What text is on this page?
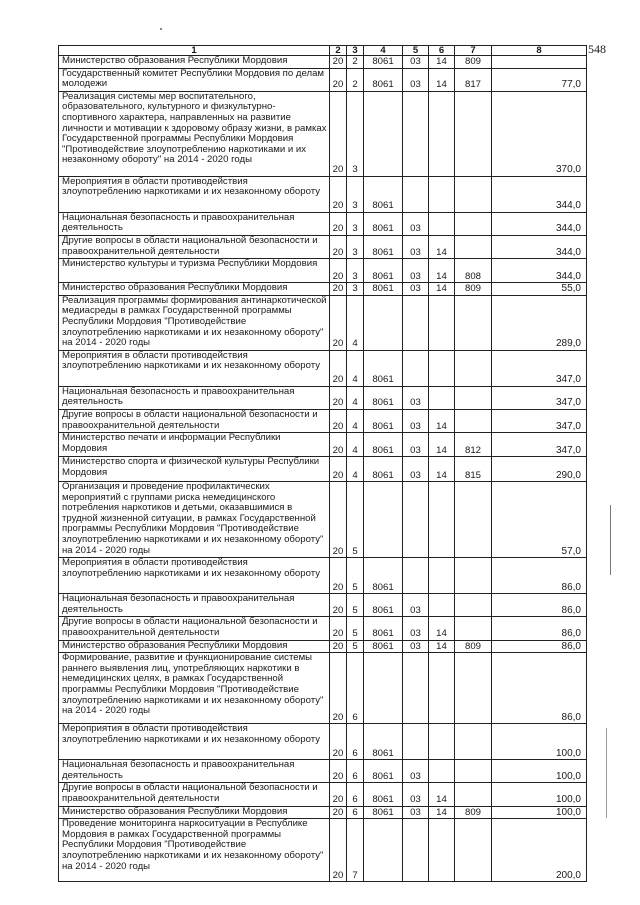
548
1	2	3	4	5	6	7	8
Министерство образования Республики Мордовия	20	2	8061	03	14	809	
Государственный комитет Республики Мордовия по делам молодежи	20	2	8061	03	14	817	77,0
Реализация системы мер воспитательного, образовательного, культурного и физкультурно-спортивного характера, направленных на развитие личности и мотивации к здоровому образу жизни, в рамках Государственной программы Республики Мордовия "Противодействие злоупотреблению наркотиками и их незаконному обороту" на 2014 - 2020 годы	20	3					370,0
Мероприятия в области противодействия злоупотреблению наркотиками и их незаконному обороту	20	3	8061				344,0
Национальная безопасность и правоохранительная деятельность	20	3	8061	03			344,0
Другие вопросы в области национальной безопасности и правоохранительной деятельности	20	3	8061	03	14		344,0
Министерство культуры и туризма Республики Мордовия	20	3	8061	03	14	808	344,0
Министерство образования Республики Мордовия	20	3	8061	03	14	809	55,0
Реализация программы формирования антинаркотической медиасреды в рамках Государственной программы Республики Мордовия "Противодействие злоупотреблению наркотиками и их незаконному обороту" на 2014 - 2020 годы	20	4					289,0
Мероприятия в области противодействия злоупотреблению наркотиками и их незаконному обороту	20	4	8061				347,0
Национальная безопасность и правоохранительная деятельность	20	4	8061	03			347,0
Другие вопросы в области национальной безопасности и правоохранительной деятельности	20	4	8061	03	14		347,0
Министерство печати и информации Республики Мордовия	20	4	8061	03	14	812	347,0
Министерство спорта и физической культуры Республики Мордовия	20	4	8061	03	14	815	290,0
Организация и проведение профилактических мероприятий с группами риска немедицинского потребления наркотиков и детьми, оказавшимися в трудной жизненной ситуации, в рамках Государственной программы Республики Мордовия "Противодействие злоупотреблению наркотиками и их незаконному обороту" на 2014 - 2020 годы	20	5					57,0
Мероприятия в области противодействия злоупотреблению наркотиками и их незаконному обороту	20	5	8061				86,0
Национальная безопасность и правоохранительная деятельность	20	5	8061	03			86,0
Другие вопросы в области национальной безопасности и правоохранительной деятельности	20	5	8061	03	14		86,0
Министерство образования Республики Мордовия	20	5	8061	03	14	809	86,0
Формирование, развитие и функционирование системы раннего выявления лиц, употребляющих наркотики в немедицинских целях, в рамках Государственной программы Республики Мордовия "Противодействие злоупотреблению наркотиками и их незаконному обороту" на 2014 - 2020 годы	20	6					86,0
Мероприятия в области противодействия злоупотреблению наркотиками и их незаконному обороту	20	6	8061				100,0
Национальная безопасность и правоохранительная деятельность	20	6	8061	03			100,0
Другие вопросы в области национальной безопасности и правоохранительной деятельности	20	6	8061	03	14		100,0
Министерство образования Республики Мордовия	20	6	8061	03	14	809	100,0
Проведение мониторинга наркоситуации в Республике Мордовия в рамках Государственной программы Республики Мордовия "Противодействие злоупотреблению наркотиками и их незаконному обороту" на 2014 - 2020 годы	20	7					200,0
